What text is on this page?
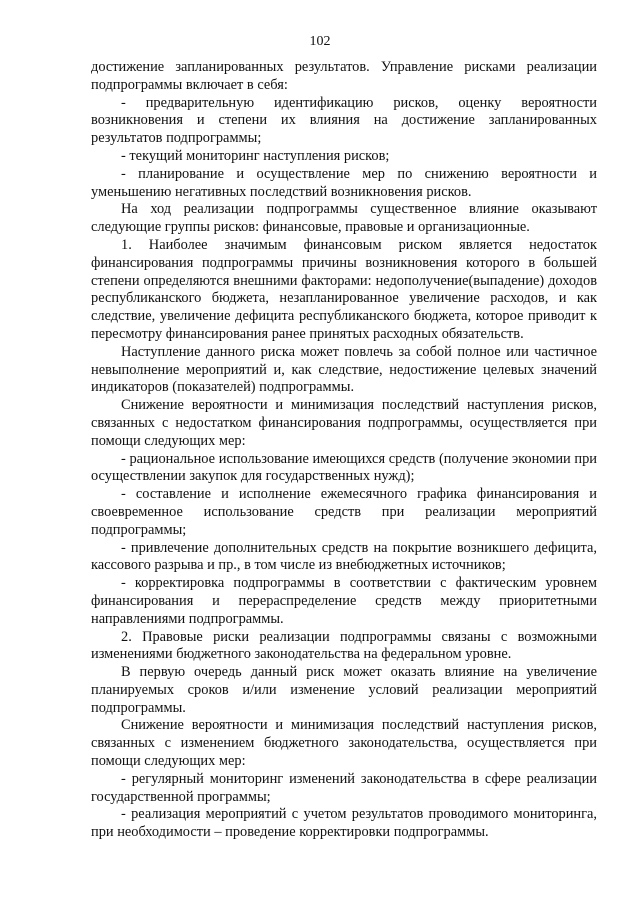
102

достижение запланированных результатов. Управление рисками реализации подпрограммы включает в себя:

- предварительную идентификацию рисков, оценку вероятности возникновения и степени их влияния на достижение запланированных результатов подпрограммы;

- текущий мониторинг наступления рисков;

- планирование и осуществление мер по снижению вероятности и уменьшению негативных последствий возникновения рисков.

На ход реализации подпрограммы существенное влияние оказывают следующие группы рисков: финансовые, правовые и организационные.

1. Наиболее значимым финансовым риском является недостаток финансирования подпрограммы причины возникновения которого в большей степени определяются внешними факторами: недополучение(выпадение) доходов республиканского бюджета, незапланированное увеличение расходов, и как следствие, увеличение дефицита республиканского бюджета, которое приводит к пересмотру финансирования ранее принятых расходных обязательств.

Наступление данного риска может повлечь за собой полное или частичное невыполнение мероприятий и, как следствие, недостижение целевых значений индикаторов (показателей) подпрограммы.

Снижение вероятности и минимизация последствий наступления рисков, связанных с недостатком финансирования подпрограммы, осуществляется при помощи следующих мер:

- рациональное использование имеющихся средств (получение экономии при осуществлении закупок для государственных нужд);

- составление и исполнение ежемесячного графика финансирования и своевременное использование средств при реализации мероприятий подпрограммы;

- привлечение дополнительных средств на покрытие возникшего дефицита, кассового разрыва и пр., в том числе из внебюджетных источников;

- корректировка подпрограммы в соответствии с фактическим уровнем финансирования и перераспределение средств между приоритетными направлениями подпрограммы.

2. Правовые риски реализации подпрограммы связаны с возможными изменениями бюджетного законодательства на федеральном уровне.

В первую очередь данный риск может оказать влияние на увеличение планируемых сроков и/или изменение условий реализации мероприятий подпрограммы.

Снижение вероятности и минимизация последствий наступления рисков, связанных с изменением бюджетного законодательства, осуществляется при помощи следующих мер:

- регулярный мониторинг изменений законодательства в сфере реализации государственной программы;

- реализация мероприятий с учетом результатов проводимого мониторинга, при необходимости – проведение корректировки подпрограммы.
